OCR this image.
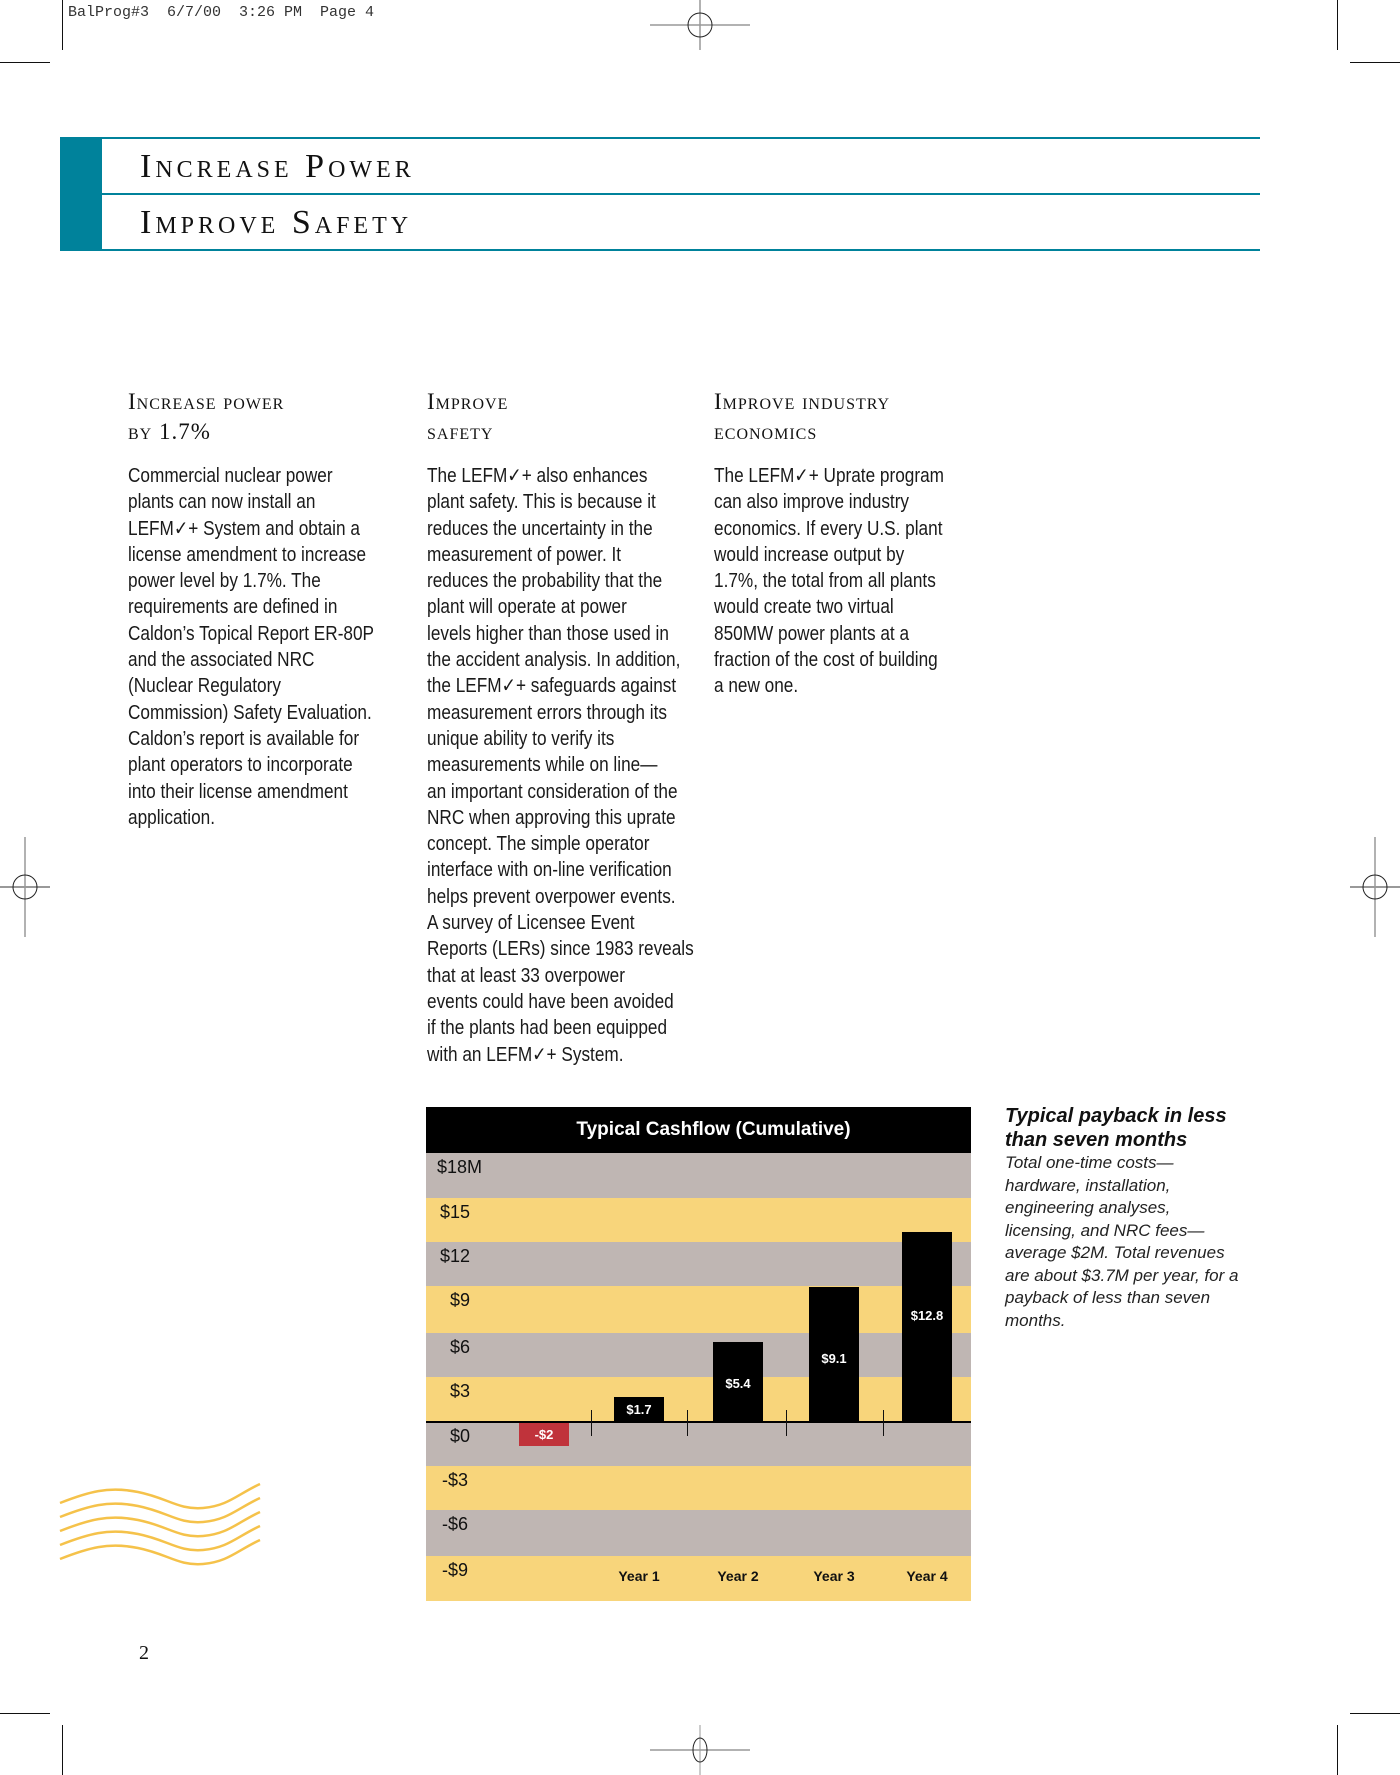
BalProg#3  6/7/00  3:26 PM  Page 4
Increase Power
Improve Safety
Increase power
by 1.7%

Commercial nuclear power
plants can now install an
LEFM✓+ System and obtain a
license amendment to increase
power level by 1.7%. The
requirements are defined in
Caldon’s Topical Report ER-80P
and the associated NRC
(Nuclear Regulatory
Commission) Safety Evaluation.
Caldon’s report is available for
plant operators to incorporate
into their license amendment
application.

Improve
safety

The LEFM✓+ also enhances
plant safety. This is because it
reduces the uncertainty in the
measurement of power. It
reduces the probability that the
plant will operate at power
levels higher than those used in
the accident analysis. In addition,
the LEFM✓+ safeguards against
measurement errors through its
unique ability to verify its
measurements while on line—
an important consideration of the
NRC when approving this uprate
concept. The simple operator
interface with on-line verification
helps prevent overpower events.
A survey of Licensee Event
Reports (LERs) since 1983 reveals
that at least 33 overpower
events could have been avoided
if the plants had been equipped
with an LEFM✓+ System.

Improve industry
economics

The LEFM✓+ Uprate program
can also improve industry
economics. If every U.S. plant
would increase output by
1.7%, the total from all plants
would create two virtual
850MW power plants at a
fraction of the cost of building
a new one.

$18M
$15
$12
$9
$6
$3
$0
-$3
-$6
-$9
Typical Cashflow (Cumulative)
-$2
$1.7
Year 1
$5.4
Year 2
$9.1
Year 3
$12.8
Year 4
Typical payback in less than seven months
Total one-time costs—hardware, installation, engineering analyses, licensing, and NRC fees—average $2M. Total revenues are about $3.7M per year, for a payback of less than seven months.
2
